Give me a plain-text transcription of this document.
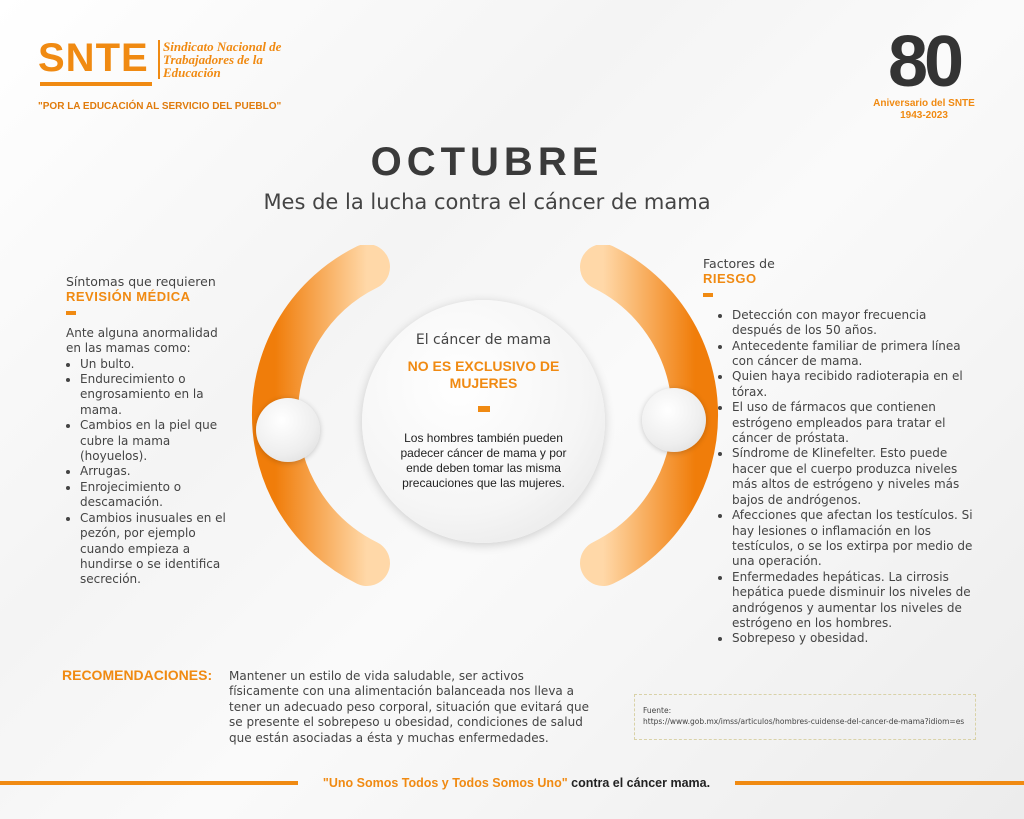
SNTE	Sindicato Nacional de Trabajadores de la Educación
"POR LA EDUCACIÓN AL SERVICIO DEL PUEBLO"
80
Aniversario del SNTE
1943-2023
OCTUBRE
Mes de la lucha contra el cáncer de mama
El cáncer de mama
NO ES EXCLUSIVO DE MUJERES
Los hombres también pueden padecer cáncer de mama y por ende deben tomar las misma precauciones que las mujeres.
Síntomas que requieren
REVISIÓN MÉDICA
Ante alguna anormalidad en las mamas como:
• Un bulto.
• Endurecimiento o engrosamiento en la mama.
• Cambios en la piel que cubre la mama (hoyuelos).
• Arrugas.
• Enrojecimiento o descamación.
• Cambios inusuales en el pezón, por ejemplo cuando empieza a hundirse o se identifica secreción.
Factores de
RIESGO
• Detección con mayor frecuencia después de los 50 años.
• Antecedente familiar de primera línea con cáncer de mama.
• Quien haya recibido radioterapia en el tórax.
• El uso de fármacos que contienen estrógeno empleados para tratar el cáncer de próstata.
• Síndrome de Klinefelter. Esto puede hacer que el cuerpo produzca niveles más altos de estrógeno y niveles más bajos de andrógenos.
• Afecciones que afectan los testículos. Si hay lesiones o inflamación en los testículos, o se los extirpa por medio de una operación.
• Enfermedades hepáticas. La cirrosis hepática puede disminuir los niveles de andrógenos y aumentar los niveles de estrógeno en los hombres.
• Sobrepeso y obesidad.
RECOMENDACIONES: Mantener un estilo de vida saludable, ser activos físicamente con una alimentación balanceada nos lleva a tener un adecuado peso corporal, situación que evitará que se presente el sobrepeso u obesidad, condiciones de salud que están asociadas a ésta y muchas enfermedades.
Fuente:
https://www.gob.mx/imss/articulos/hombres-cuidense-del-cancer-de-mama?idiom=es
"Uno Somos Todos y Todos Somos Uno" contra el cáncer mama.
